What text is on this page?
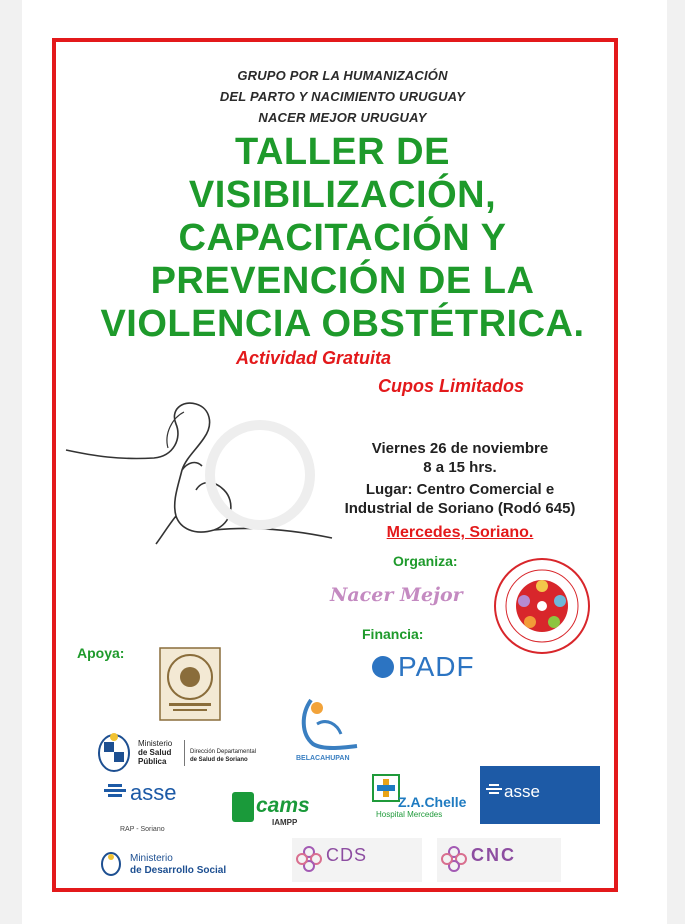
GRUPO POR LA HUMANIZACIÓN
DEL PARTO Y NACIMIENTO URUGUAY
NACER MEJOR URUGUAY
TALLER DE
VISIBILIZACIÓN,
CAPACITACIÓN Y
PREVENCIÓN DE LA
VIOLENCIA OBSTÉTRICA.
Actividad Gratuita
Cupos Limitados
Viernes 26 de noviembre
8 a 15 hrs.
Lugar: Centro Comercial e
Industrial de Soriano (Rodó 645)
Mercedes, Soriano.
Organiza:
Nacer Mejor
Financia:
PADF
Apoya:
BELACAHUPAN
Ministerio
de Salud
Pública
Dirección Departamental
de Salud de Soriano
asse
RAP - Soriano
cams
IAMPP
Z.A.Chelle
Hospital Mercedes
asse
Ministerio
de Desarrollo Social
CDS	CNC
